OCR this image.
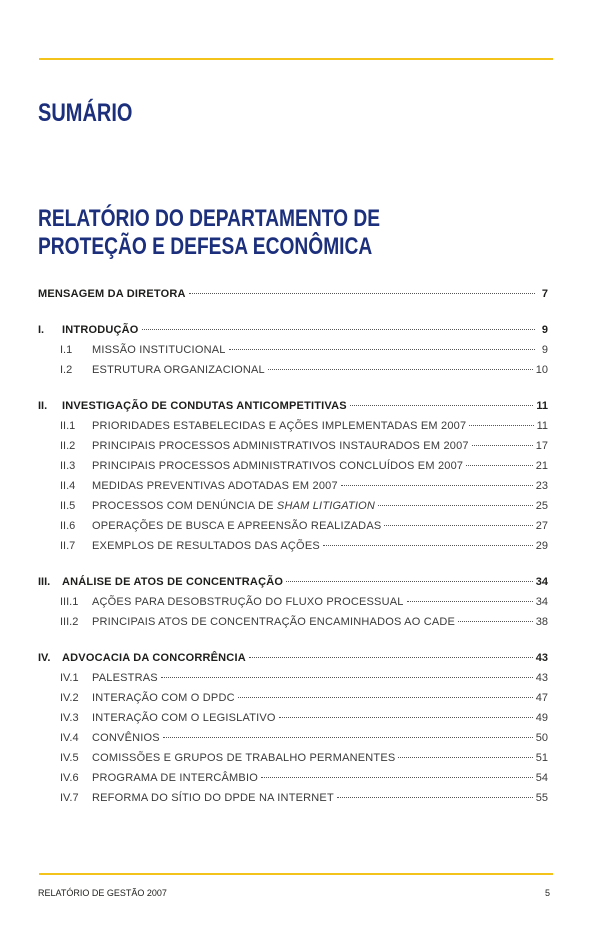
SUMÁRIO
RELATÓRIO DO DEPARTAMENTO DE
PROTEÇÃO E DEFESA ECONÔMICA
MENSAGEM DA DIRETORA	7
I.	INTRODUÇÃO	9
I.1	MISSÃO INSTITUCIONAL	9
I.2	ESTRUTURA ORGANIZACIONAL	10
II.	INVESTIGAÇÃO DE CONDUTAS ANTICOMPETITIVAS	11
II.1	PRIORIDADES ESTABELECIDAS E AÇÕES IMPLEMENTADAS EM 2007	11
II.2	PRINCIPAIS PROCESSOS ADMINISTRATIVOS INSTAURADOS EM 2007	17
II.3	PRINCIPAIS PROCESSOS ADMINISTRATIVOS CONCLUÍDOS EM 2007	21
II.4	MEDIDAS PREVENTIVAS ADOTADAS EM 2007	23
II.5	PROCESSOS COM DENÚNCIA DE SHAM LITIGATION	25
II.6	OPERAÇÕES DE BUSCA E APREENSÃO REALIZADAS	27
II.7	EXEMPLOS DE RESULTADOS DAS AÇÕES	29
III.	ANÁLISE DE ATOS DE CONCENTRAÇÃO	34
III.1	AÇÕES PARA DESOBSTRUÇÃO DO FLUXO PROCESSUAL	34
III.2	PRINCIPAIS ATOS DE CONCENTRAÇÃO ENCAMINHADOS AO CADE	38
IV.	ADVOCACIA DA CONCORRÊNCIA	43
IV.1	PALESTRAS	43
IV.2	INTERAÇÃO COM O DPDC	47
IV.3	INTERAÇÃO COM O LEGISLATIVO	49
IV.4	CONVÊNIOS	50
IV.5	COMISSÕES E GRUPOS DE TRABALHO PERMANENTES	51
IV.6	PROGRAMA DE INTERCÂMBIO	54
IV.7	REFORMA DO SÍTIO DO DPDE NA INTERNET	55
RELATÓRIO DE GESTÃO 2007	5
